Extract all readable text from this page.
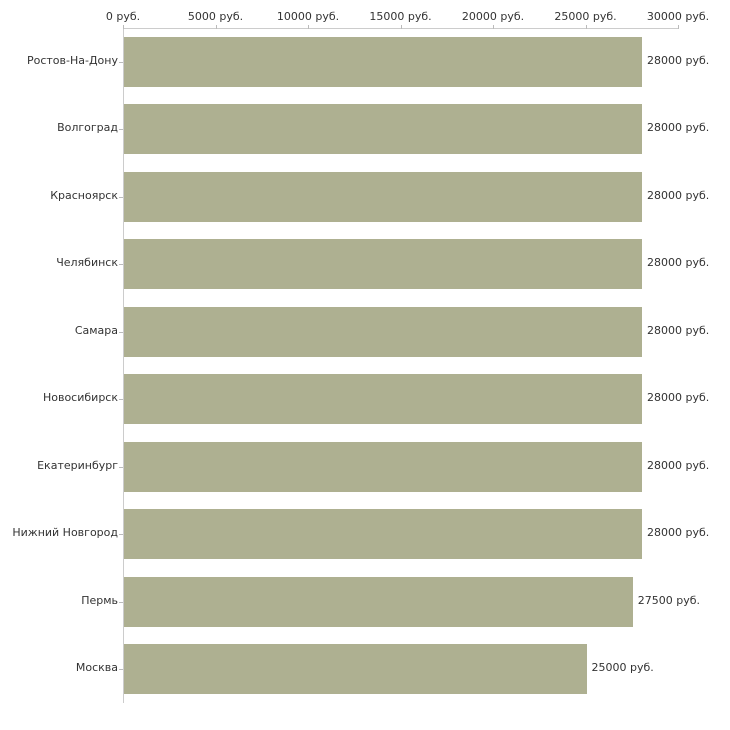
0 руб.	5000 руб.	10000 руб.	15000 руб.	20000 руб.	25000 руб.	30000 руб.
Ростов-На-Дону	28000 руб.
Волгоград	28000 руб.
Красноярск	28000 руб.
Челябинск	28000 руб.
Самара	28000 руб.
Новосибирск	28000 руб.
Екатеринбург	28000 руб.
Нижний Новгород	28000 руб.
Пермь	27500 руб.
Москва	25000 руб.
